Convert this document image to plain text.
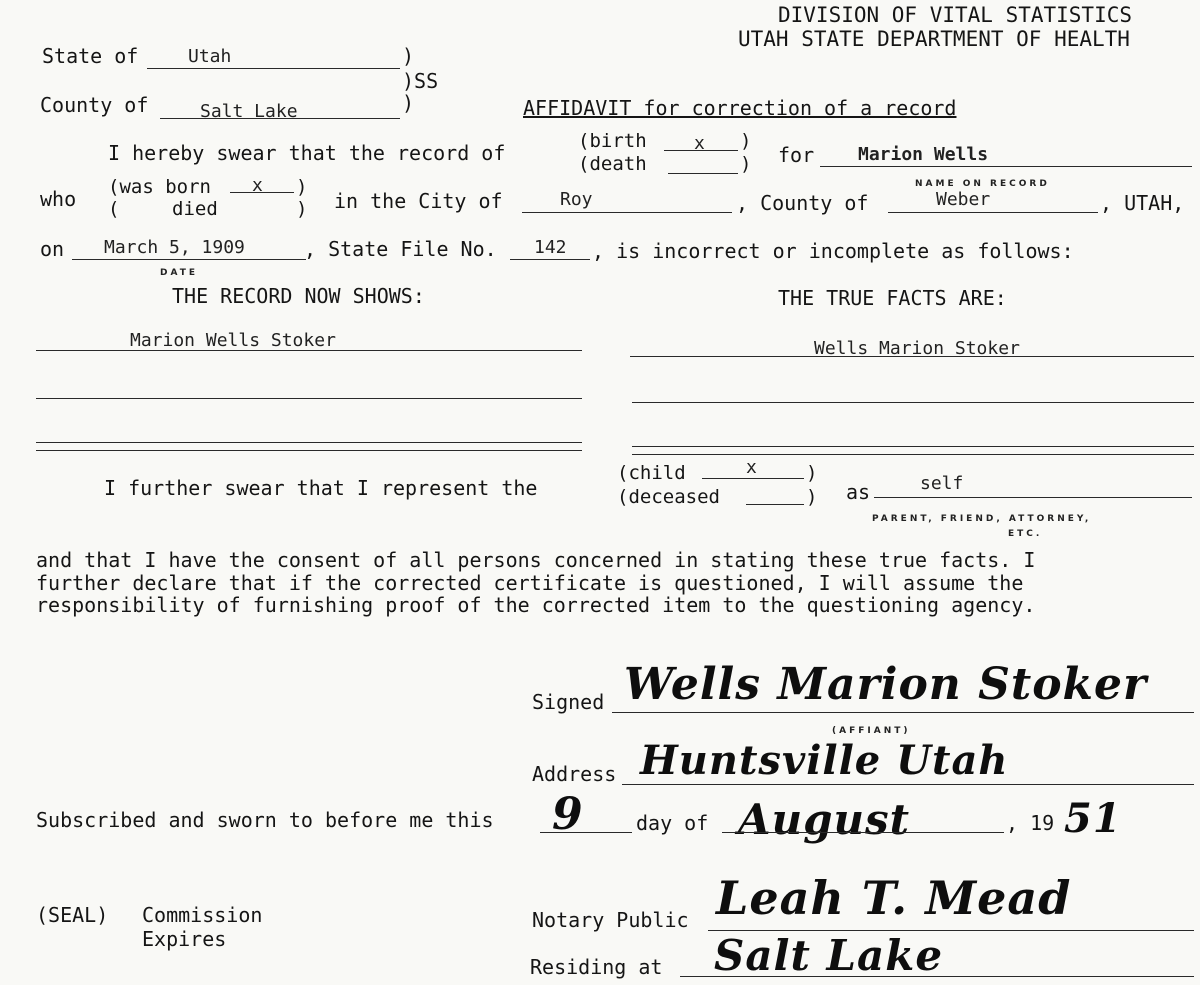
DIVISION OF VITAL STATISTICS
UTAH STATE DEPARTMENT OF HEALTH
State of	Utah	)
)SS
County of	Salt Lake	)	AFFIDAVIT for correction of a record
I hereby swear that the record of	(birth	x )
(death	) for Marion Wells
NAME ON RECORD
who (was born x )
(	died	) in the City of	Roy	, County of	Weber	, UTAH,
on March 5, 1909
DATE
, State File No. 142 , is incorrect or incomplete as follows:
THE RECORD NOW SHOWS:	THE TRUE FACTS ARE:
Marion Wells Stoker	Wells Marion Stoker
I further swear that I represent the
(child	x	)
(deceased	) as	self
PARENT, FRIEND, ATTORNEY,
ETC.
and that I have the consent of all persons concerned in stating these true facts. I
further declare that if the corrected certificate is questioned, I will assume the
responsibility of furnishing proof of the corrected item to the questioning agency.
Signed Wells Marion Stoker
(AFFIANT)
Address Huntsville Utah
Subscribed and sworn to before me this 9	day of August	, 19 51
(SEAL) Commission
Expires
Notary Public Leah T. Mead
Residing at Salt Lake
